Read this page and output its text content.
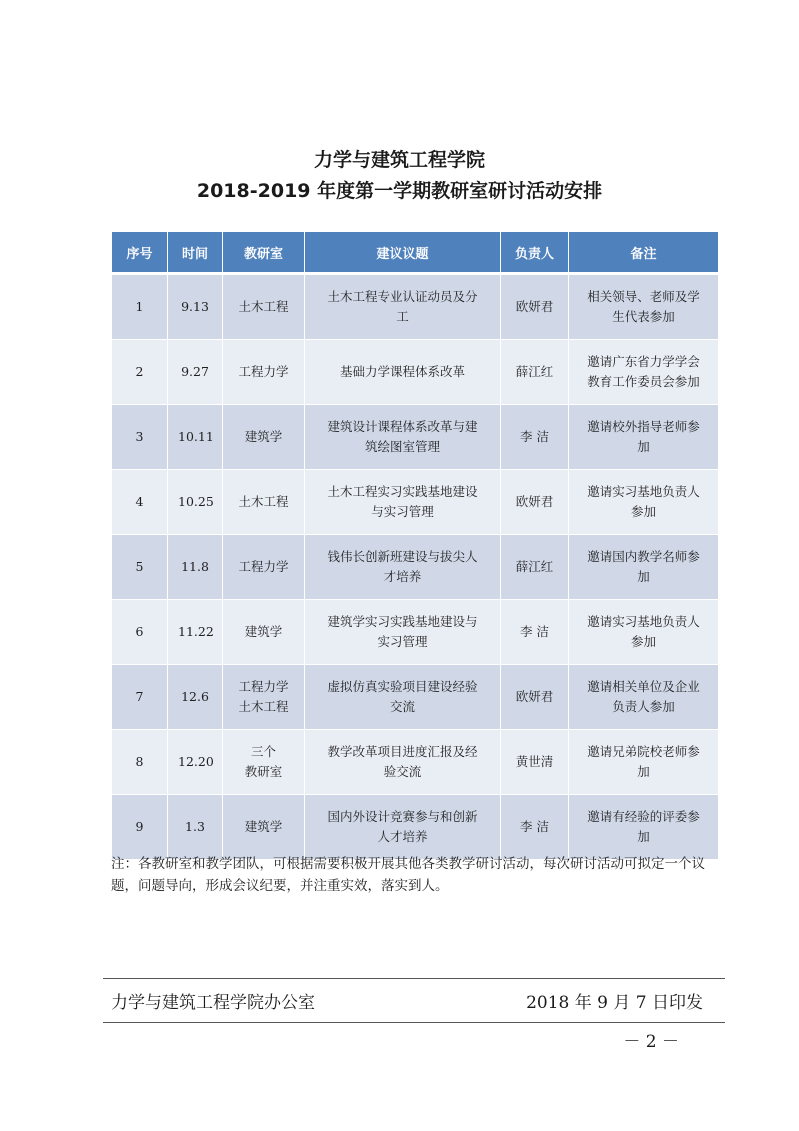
力学与建筑工程学院
2018-2019 年度第一学期教研室研讨活动安排
序号	时间	教研室	建议议题	负责人	备注
1	9.13	土木工程	土木工程专业认证动员及分
工	欧妍君	相关领导、老师及学
生代表参加
2	9.27	工程力学	基础力学课程体系改革	薛江红	邀请广东省力学学会
教育工作委员会参加
3	10.11	建筑学	建筑设计课程体系改革与建
筑绘图室管理	李 洁	邀请校外指导老师参
加
4	10.25	土木工程	土木工程实习实践基地建设
与实习管理	欧妍君	邀请实习基地负责人
参加
5	11.8	工程力学	钱伟长创新班建设与拔尖人
才培养	薛江红	邀请国内教学名师参
加
6	11.22	建筑学	建筑学实习实践基地建设与
实习管理	李 洁	邀请实习基地负责人
参加
7	12.6	工程力学
土木工程	虚拟仿真实验项目建设经验
交流	欧妍君	邀请相关单位及企业
负责人参加
8	12.20	三个
教研室	教学改革项目进度汇报及经
验交流	黄世清	邀请兄弟院校老师参
加
9	1.3	建筑学	国内外设计竞赛参与和创新
人才培养	李 洁	邀请有经验的评委参
加
注：各教研室和教学团队，可根据需要积极开展其他各类教学研讨活动，每次研讨活动可拟定一个议题，问题导向，形成会议纪要，并注重实效，落实到人。
力学与建筑工程学院办公室	2018 年 9 月 7 日印发
－ 2 －
